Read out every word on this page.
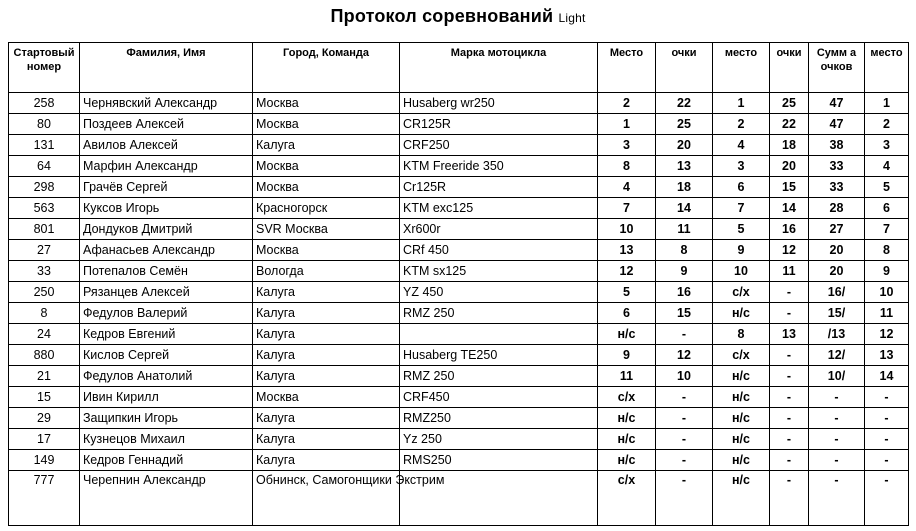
Протокол соревнований Light
Стартовый номер	Фамилия, Имя	Город, Команда	Марка мотоцикла	Место	очки	место	очки	Сумм а очков	место
258	Чернявский Александр	Москва	Husaberg wr250	2	22	1	25	47	1
80	Поздеев Алексей	Москва	CR125R	1	25	2	22	47	2
131	Авилов Алексей	Калуга	CRF250	3	20	4	18	38	3
64	Марфин Александр	Москва	KTM Freeride 350	8	13	3	20	33	4
298	Грачёв Сергей	Москва	Cr125R	4	18	6	15	33	5
563	Куксов Игорь	Красногорск	KTM exc125	7	14	7	14	28	6
801	Дондуков Дмитрий	SVR Москва	Xr600r	10	11	5	16	27	7
27	Афанасьев Александр	Москва	CRf 450	13	8	9	12	20	8
33	Потепалов Семён	Вологда	KTM sx125	12	9	10	11	20	9
250	Рязанцев Алексей	Калуга	YZ 450	5	16	с/х	-	16/	10
8	Федулов Валерий	Калуга	RMZ 250	6	15	н/с	-	15/	11
24	Кедров Евгений	Калуга		н/с	-	8	13	/13	12
880	Кислов Сергей	Калуга	Husaberg TE250	9	12	с/х	-	12/	13
21	Федулов Анатолий	Калуга	RMZ 250	11	10	н/с	-	10/	14
15	Ивин Кирилл	Москва	CRF450	с/х	-	н/с	-	-	-
29	Защипкин Игорь	Калуга	RMZ250	н/с	-	н/с	-	-	-
17	Кузнецов Михаил	Калуга	Yz 250	н/с	-	н/с	-	-	-
149	Кедров Геннадий	Калуга	RMS250	н/с	-	н/с	-	-	-
777	Черепнин Александр	Обнинск, Самогонщики Экстрим		с/х	-	н/с	-	-	-
